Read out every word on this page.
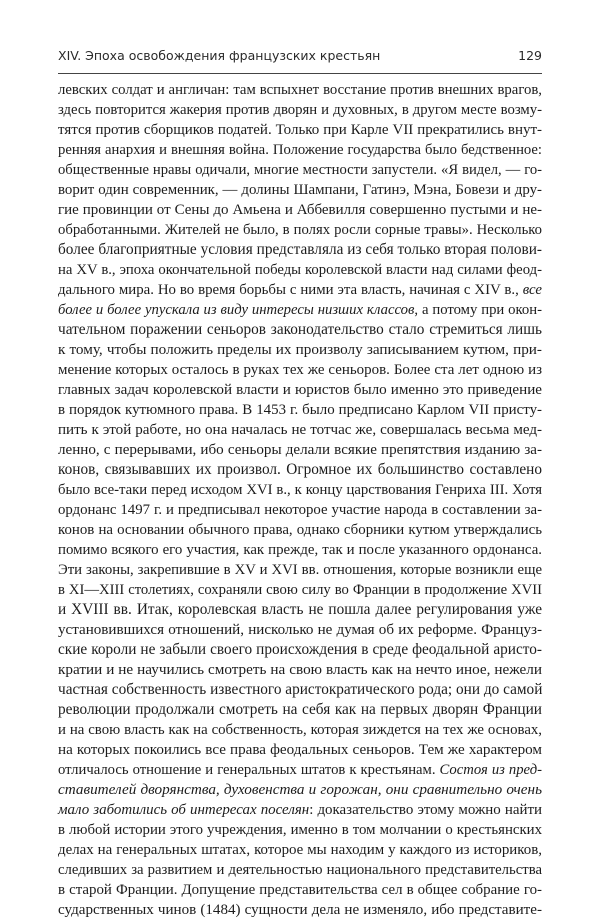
XIV. Эпоха освобождения французских крестьян	129
левских солдат и англичан: там вспыхнет восстание против внешних врагов,
здесь повторится жакерия против дворян и духовных, в другом месте возму-
тятся против сборщиков податей. Только при Карле VII прекратились внут-
ренняя анархия и внешняя война. Положение государства было бедственное:
общественные нравы одичали, многие местности запустели. «Я видел, — го-
ворит один современник, — долины Шампани, Гатинэ, Мэна, Бовези и дру-
гие провинции от Сены до Амьена и Аббевилля совершенно пустыми и не-
обработанными. Жителей не было, в полях росли сорные травы». Несколько
более благоприятные условия представляла из себя только вторая полови-
на XV в., эпоха окончательной победы королевской власти над силами феод-
дального мира. Но во время борьбы с ними эта власть, начиная с XIV в., все
более и более упускала из виду интересы низших классов, а потому при окон-
чательном поражении сеньоров законодательство стало стремиться лишь
к тому, чтобы положить пределы их произволу записыванием кутюм, при-
менение которых осталось в руках тех же сеньоров. Более ста лет одною из
главных задач королевской власти и юристов было именно это приведение
в порядок кутюмного права. В 1453 г. было предписано Карлом VII присту-
пить к этой работе, но она началась не тотчас же, совершалась весьма мед-
ленно, с перерывами, ибо сеньоры делали всякие препятствия изданию за-
конов, связывавших их произвол. Огромное их большинство составлено
было все-таки перед исходом XVI в., к концу царствования Генриха III. Хотя
ордонанс 1497 г. и предписывал некоторое участие народа в составлении за-
конов на основании обычного права, однако сборники кутюм утверждались
помимо всякого его участия, как прежде, так и после указанного ордонанса.
Эти законы, закрепившие в XV и XVI вв. отношения, которые возникли еще
в XI—XIII столетиях, сохраняли свою силу во Франции в продолжение XVII
и XVIII вв. Итак, королевская власть не пошла далее регулирования уже
установившихся отношений, нисколько не думая об их реформе. Француз-
ские короли не забыли своего происхождения в среде феодальной аристо-
кратии и не научились смотреть на свою власть как на нечто иное, нежели
частная собственность известного аристократического рода; они до самой
революции продолжали смотреть на себя как на первых дворян Франции
и на свою власть как на собственность, которая зиждется на тех же основах,
на которых покоились все права феодальных сеньоров. Тем же характером
отличалось отношение и генеральных штатов к крестьянам. Состоя из пред-
ставителей дворянства, духовенства и горожан, они сравнительно очень
мало заботились об интересах поселян: доказательство этому можно найти
в любой истории этого учреждения, именно в том молчании о крестьянских
делах на генеральных штатах, которое мы находим у каждого из историков,
следивших за развитием и деятельностью национального представительства
в старой Франции. Допущение представительства сел в общее собрание го-
сударственных чинов (1484) сущности дела не изменяло, ибо представите-
